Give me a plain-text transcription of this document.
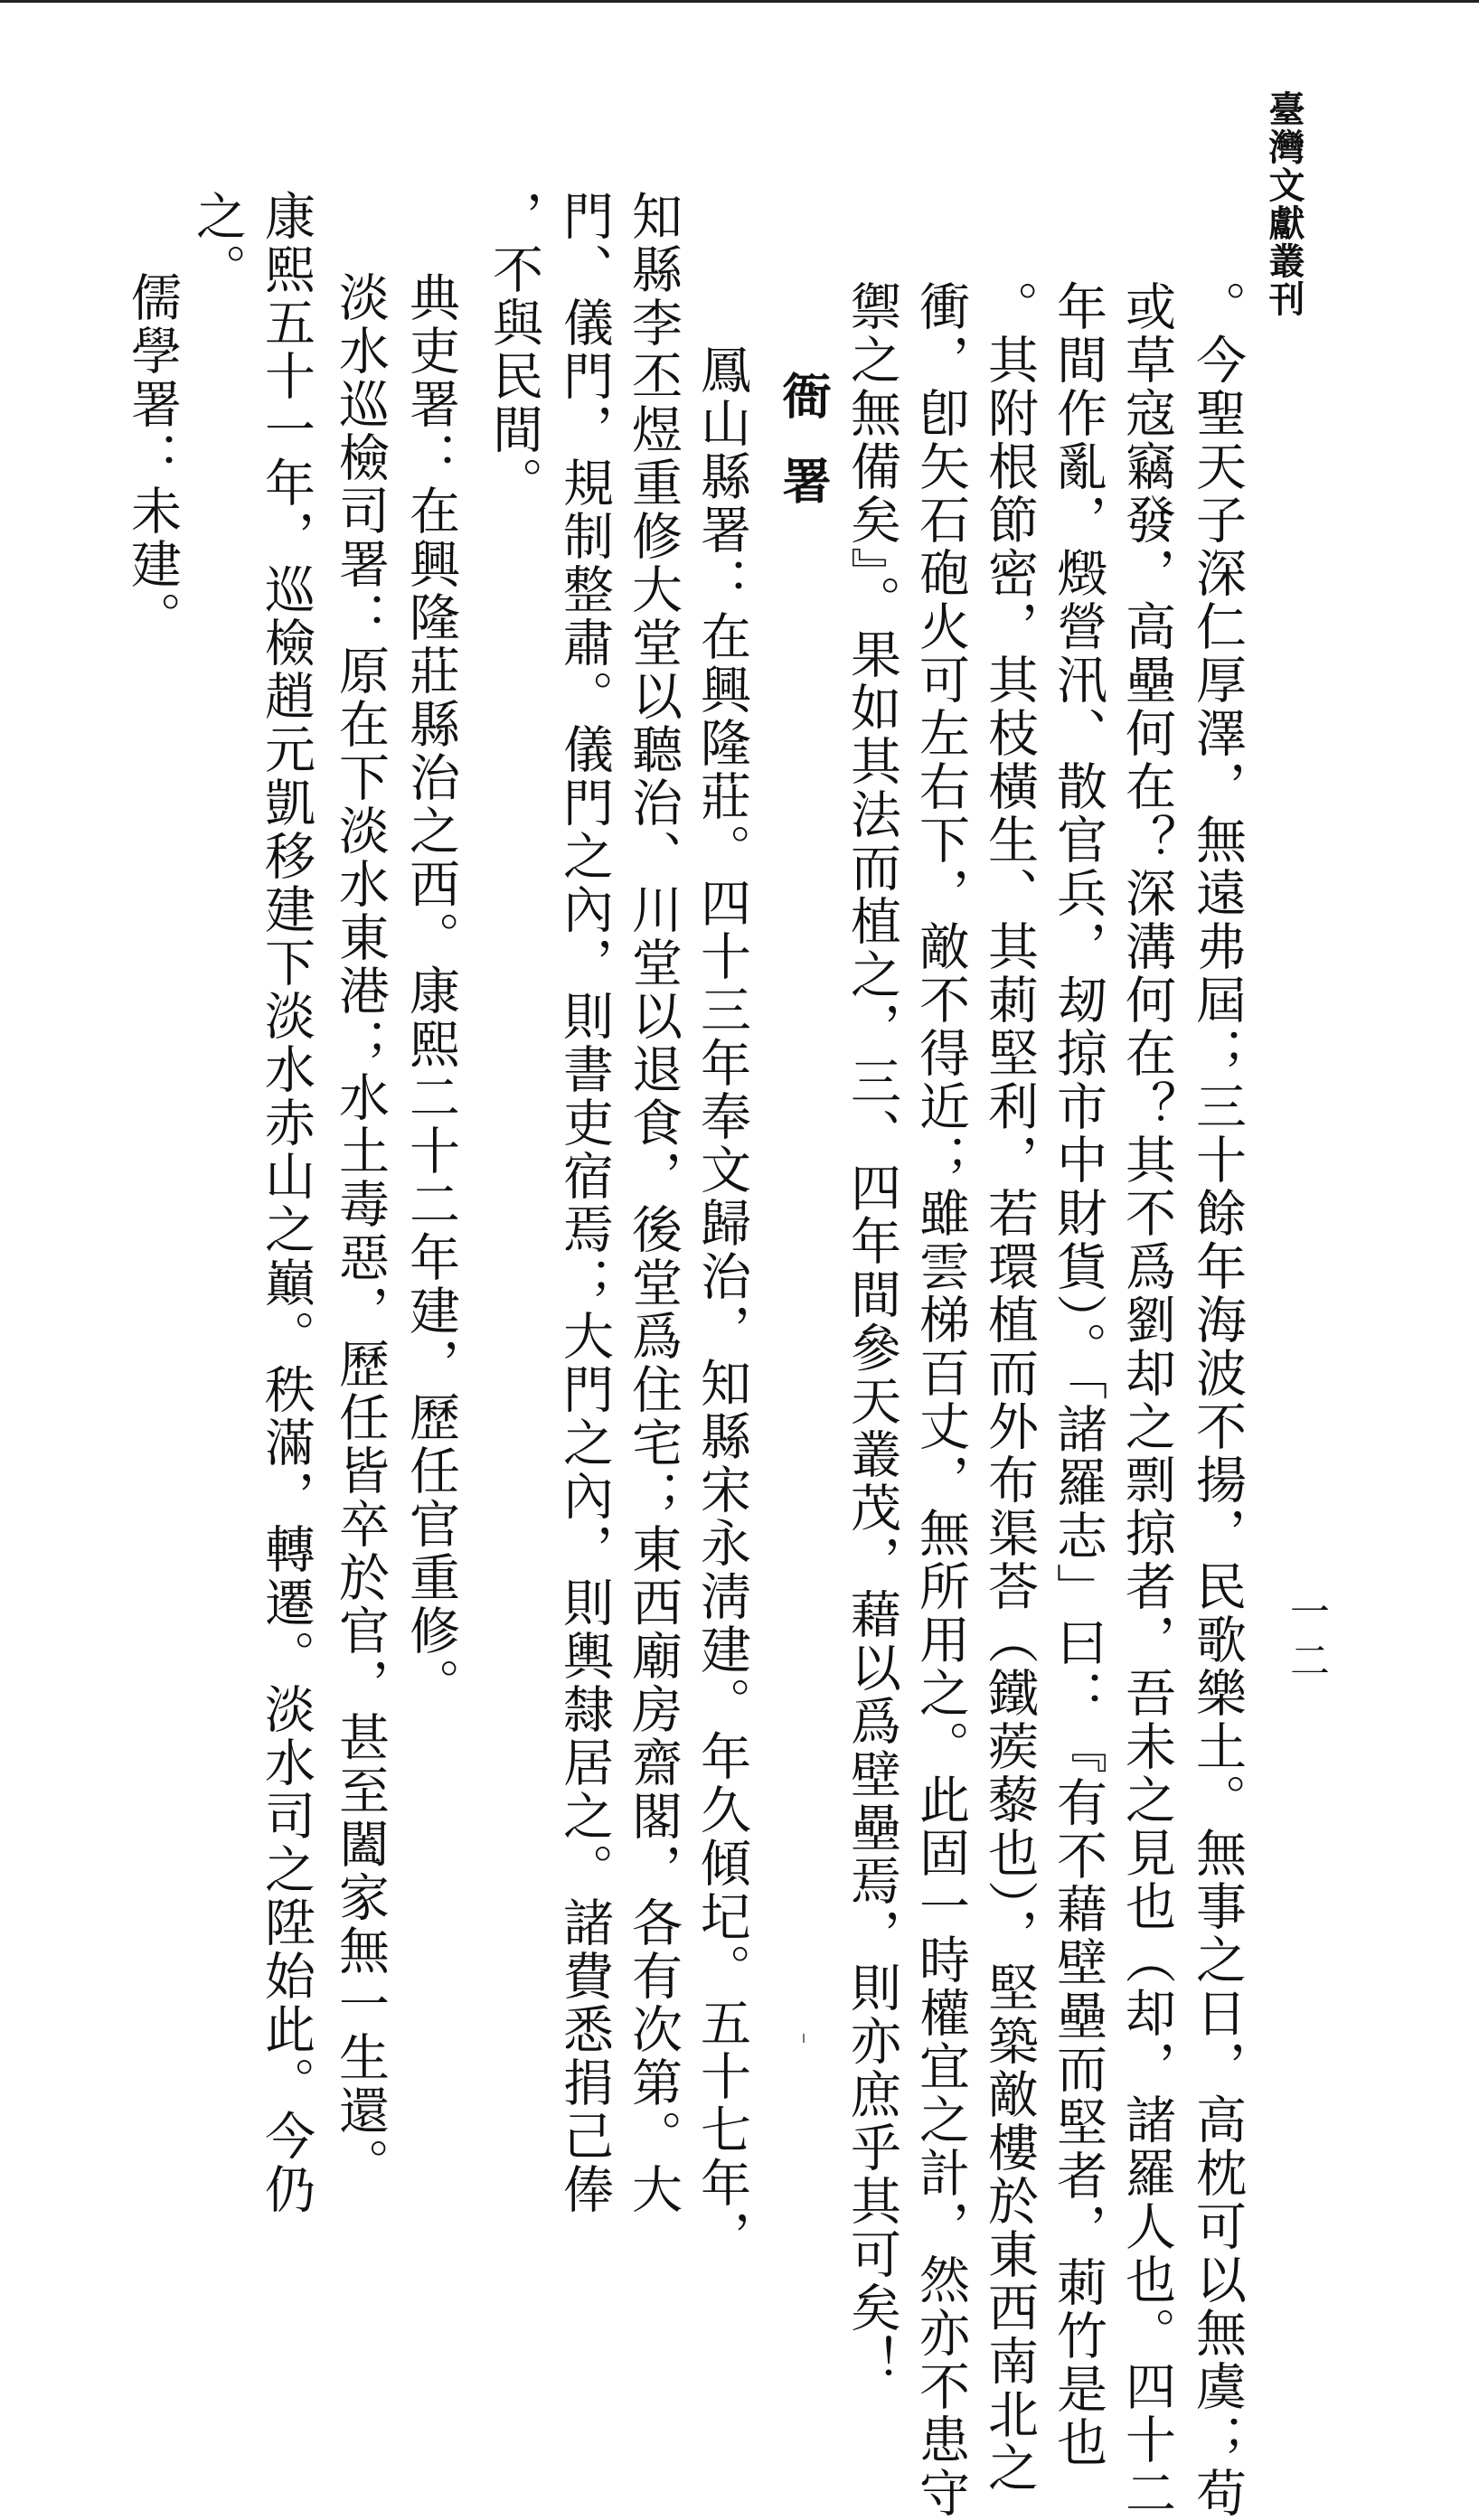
臺灣文獻叢刊
一二
。今聖天子深仁厚澤，無遠弗屆；三十餘年海波不揚，民歌樂土。無事之日，高枕可以無虞；苟
或草寇竊發，高壘何在？深溝何在？其不爲劉却之剽掠者，吾未之見也（却，諸羅人也。四十二
年間作亂，燬營汛、散官兵，刼掠市中財貨）。「諸羅志」曰：『有不藉壁壘而堅者，莿竹是也
。其附根節密，其枝橫生、其莿堅利，若環植而外布渠荅（鐵蒺藜也），堅築敵樓於東西南北之
衝，卽矢石砲火可左右下，敵不得近；雖雲梯百丈，無所用之。此固一時權宜之計，然亦不患守
禦之無備矣』。果如其法而植之，三、四年間參天叢茂，藉以爲壁壘焉，則亦庶乎其可矣！
衙署
鳳山縣署：在興隆莊。四十三年奉文歸治，知縣宋永淸建。年久傾圮。五十七年，
知縣李丕煜重修大堂以聽治、川堂以退食，後堂爲住宅；東西廟房齋閣，各有次第。大
門、儀門，規制整肅。儀門之內，則書吏宿焉；大門之內，則輿隸居之。諸費悉捐己俸
，不與民間。
典吏署：在興隆莊縣治之西。康熙二十二年建，歷任官重修。
淡水巡檢司署：原在下淡水東港；水土毒惡，歷任皆卒於官，甚至闔家無一生還。
康熙五十一年，巡檢趙元凱移建下淡水赤山之巔。秩滿，轉遷。淡水司之陞始此。今仍
之。
儒學署：未建。
